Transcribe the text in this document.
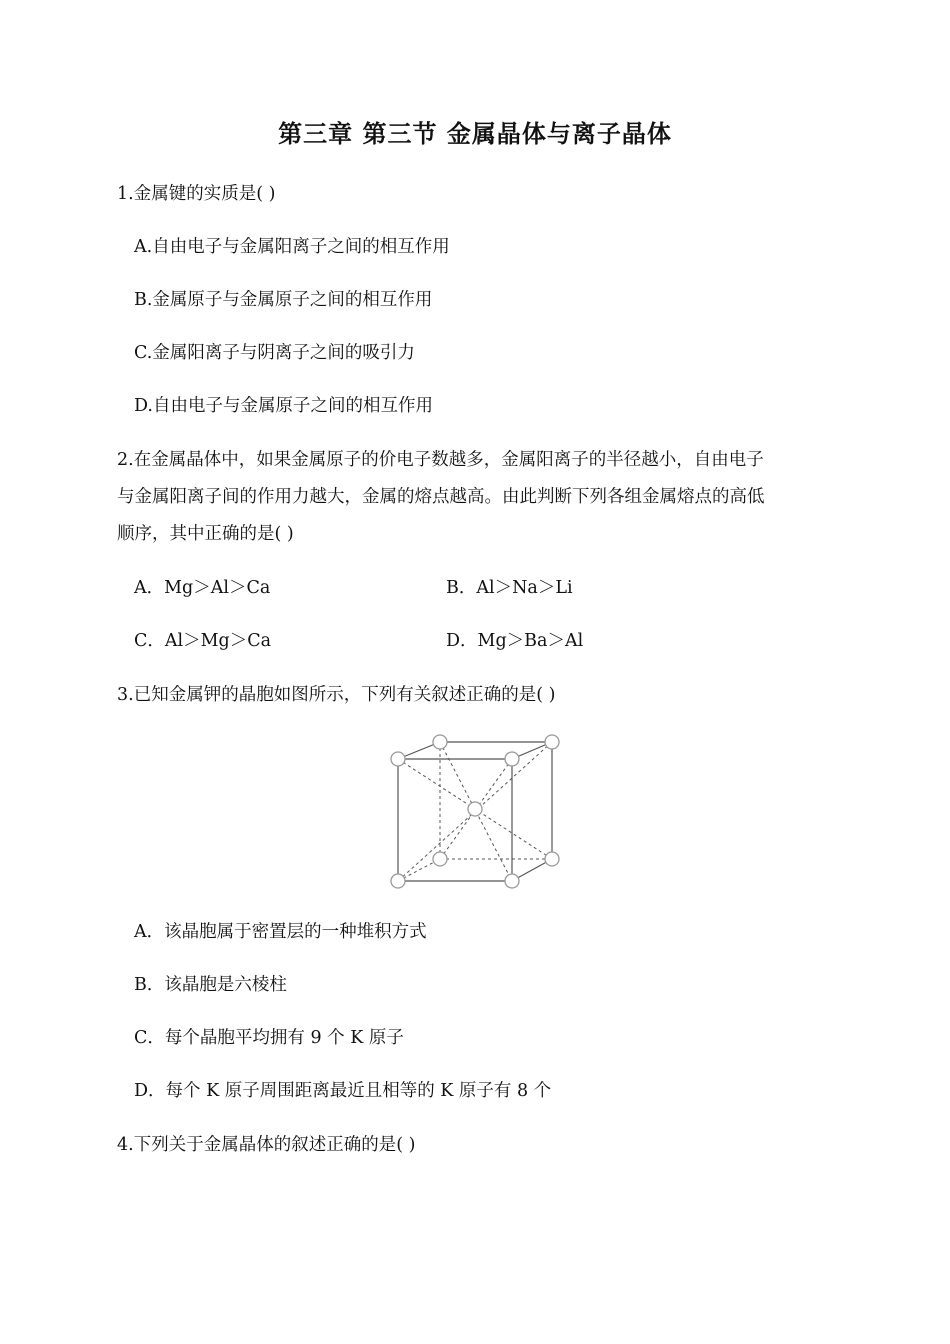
第三章 第三节 金属晶体与离子晶体
1.金属键的实质是( )
A.自由电子与金属阳离子之间的相互作用
B.金属原子与金属原子之间的相互作用
C.金属阳离子与阴离子之间的吸引力
D.自由电子与金属原子之间的相互作用
2.在金属晶体中，如果金属原子的价电子数越多，金属阳离子的半径越小，自由电子
与金属阳离子间的作用力越大，金属的熔点越高。由此判断下列各组金属熔点的高低
顺序，其中正确的是( )
A．Mg＞Al＞Ca	B．Al＞Na＞Li
C．Al＞Mg＞Ca	D．Mg＞Ba＞Al
3.已知金属钾的晶胞如图所示，下列有关叙述正确的是( )
A．该晶胞属于密置层的一种堆积方式
B．该晶胞是六棱柱
C．每个晶胞平均拥有 9 个 K 原子
D．每个 K 原子周围距离最近且相等的 K 原子有 8 个
4.下列关于金属晶体的叙述正确的是( )
